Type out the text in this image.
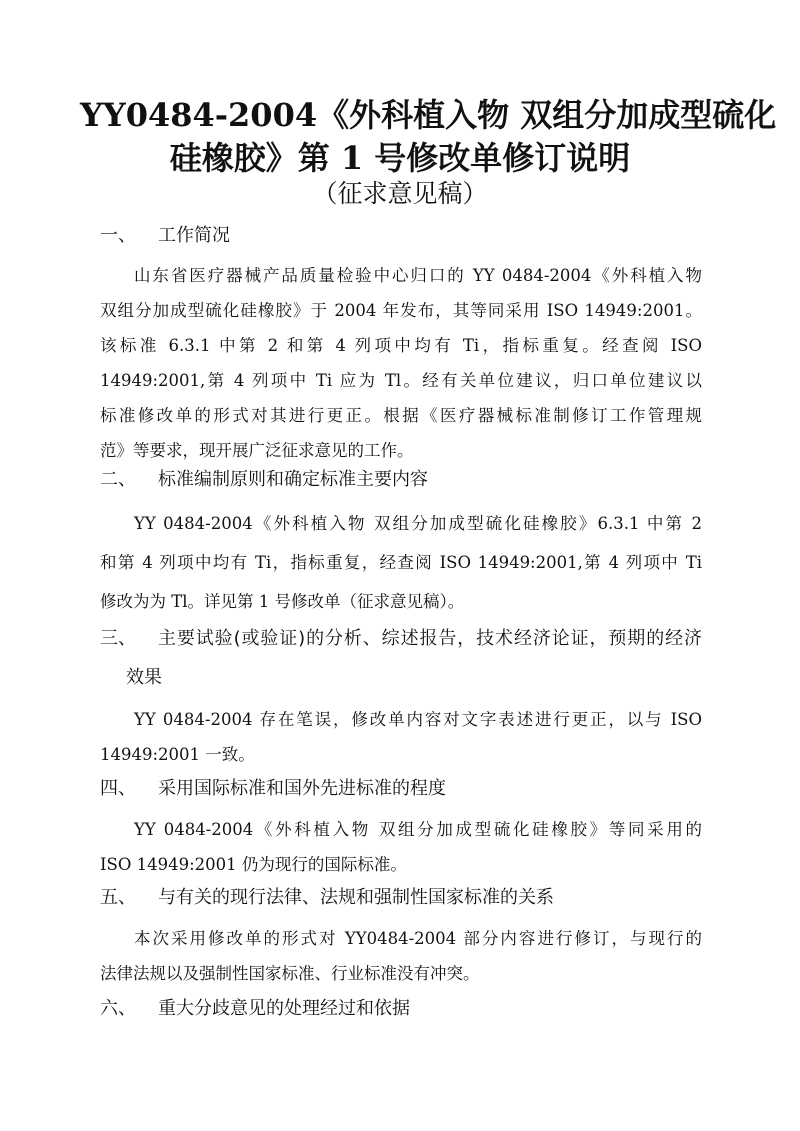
YY0484-2004《外科植入物 双组分加成型硫化
硅橡胶》第 1 号修改单修订说明
（征求意见稿）
一、 工作简况
山东省医疗器械产品质量检验中心归口的 YY 0484-2004《外科植入物
双组分加成型硫化硅橡胶》于 2004 年发布，其等同采用 ISO 14949:2001。
该标准 6.3.1 中第 2 和第 4 列项中均有 Ti，指标重复。经查阅 ISO
14949:2001,第 4 列项中 Ti 应为 Tl。经有关单位建议，归口单位建议以
标准修改单的形式对其进行更正。根据《医疗器械标准制修订工作管理规
范》等要求，现开展广泛征求意见的工作。
二、 标准编制原则和确定标准主要内容
YY 0484-2004《外科植入物 双组分加成型硫化硅橡胶》6.3.1 中第 2
和第 4 列项中均有 Ti，指标重复，经查阅 ISO 14949:2001,第 4 列项中 Ti
修改为为 Tl。详见第 1 号修改单（征求意见稿）。
三、 主要试验(或验证)的分析、综述报告，技术经济论证，预期的经济
效果
YY 0484-2004 存在笔误，修改单内容对文字表述进行更正，以与 ISO
14949:2001 一致。
四、 采用国际标准和国外先进标准的程度
YY 0484-2004《外科植入物 双组分加成型硫化硅橡胶》等同采用的
ISO 14949:2001 仍为现行的国际标准。
五、 与有关的现行法律、法规和强制性国家标准的关系
本次采用修改单的形式对 YY0484-2004 部分内容进行修订，与现行的
法律法规以及强制性国家标准、行业标准没有冲突。
六、 重大分歧意见的处理经过和依据
